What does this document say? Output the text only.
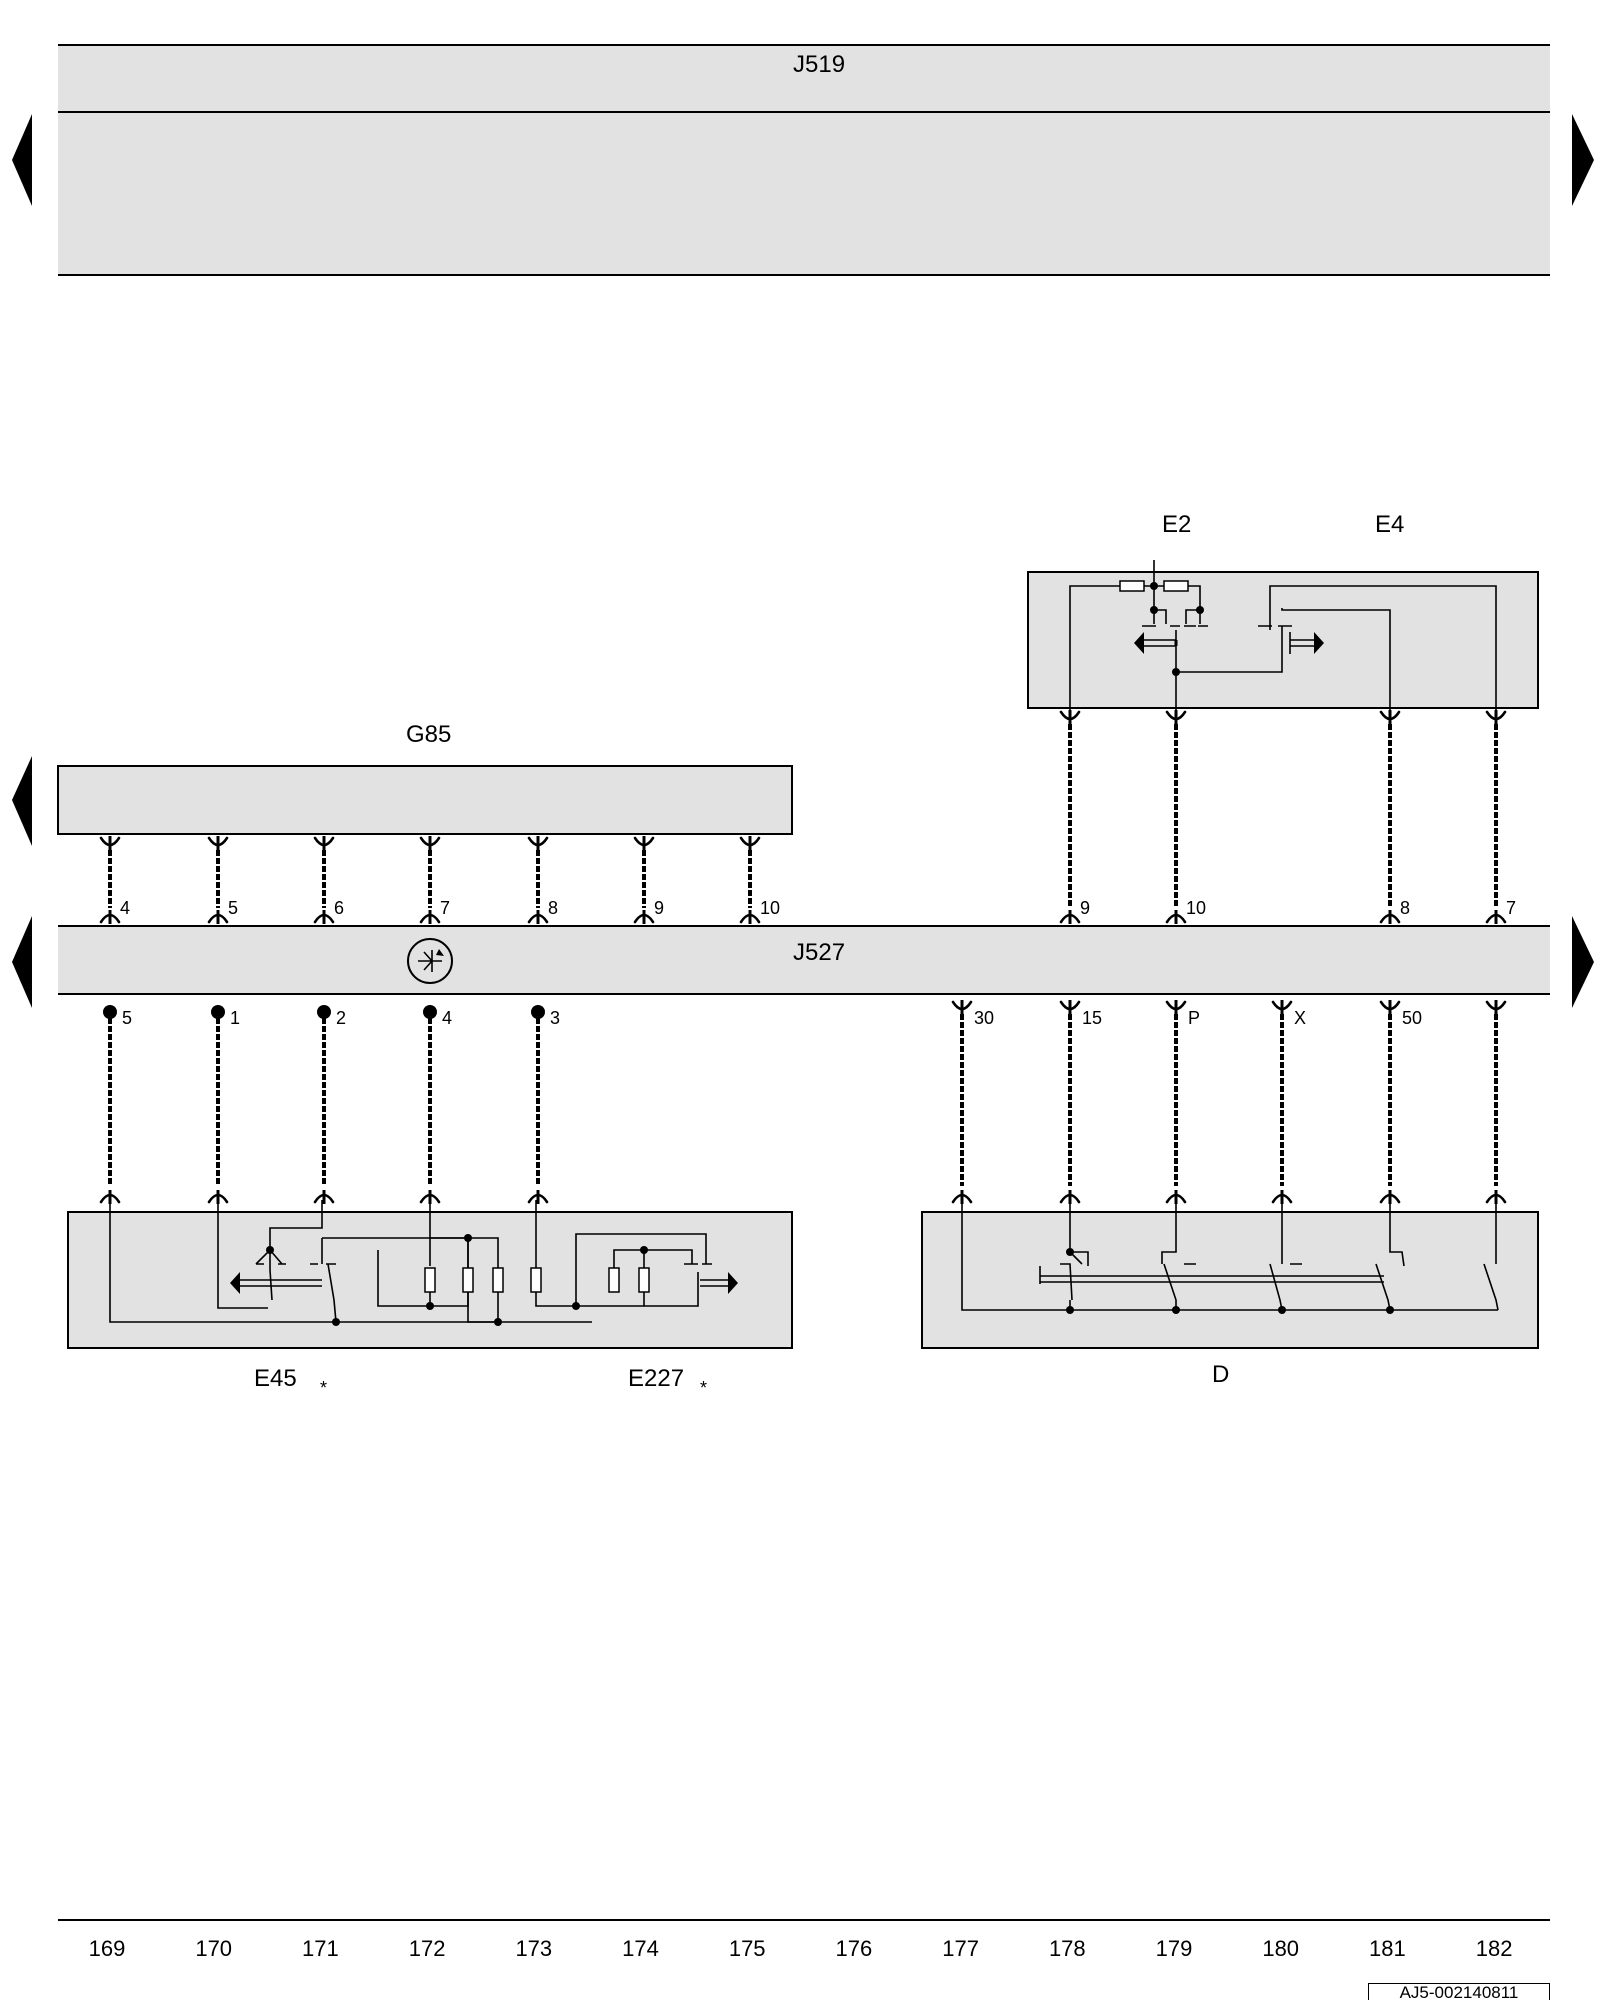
J519
E2	E4
G85
J527
E45 *	E227 *	D
4	5	6	7	8	9	10	9	10	8	7
5	1	2	4	3	30	15	P	X	50
169	170	171	172	173	174	175	176	177	178	179	180	181	182
AJ5-002140811
